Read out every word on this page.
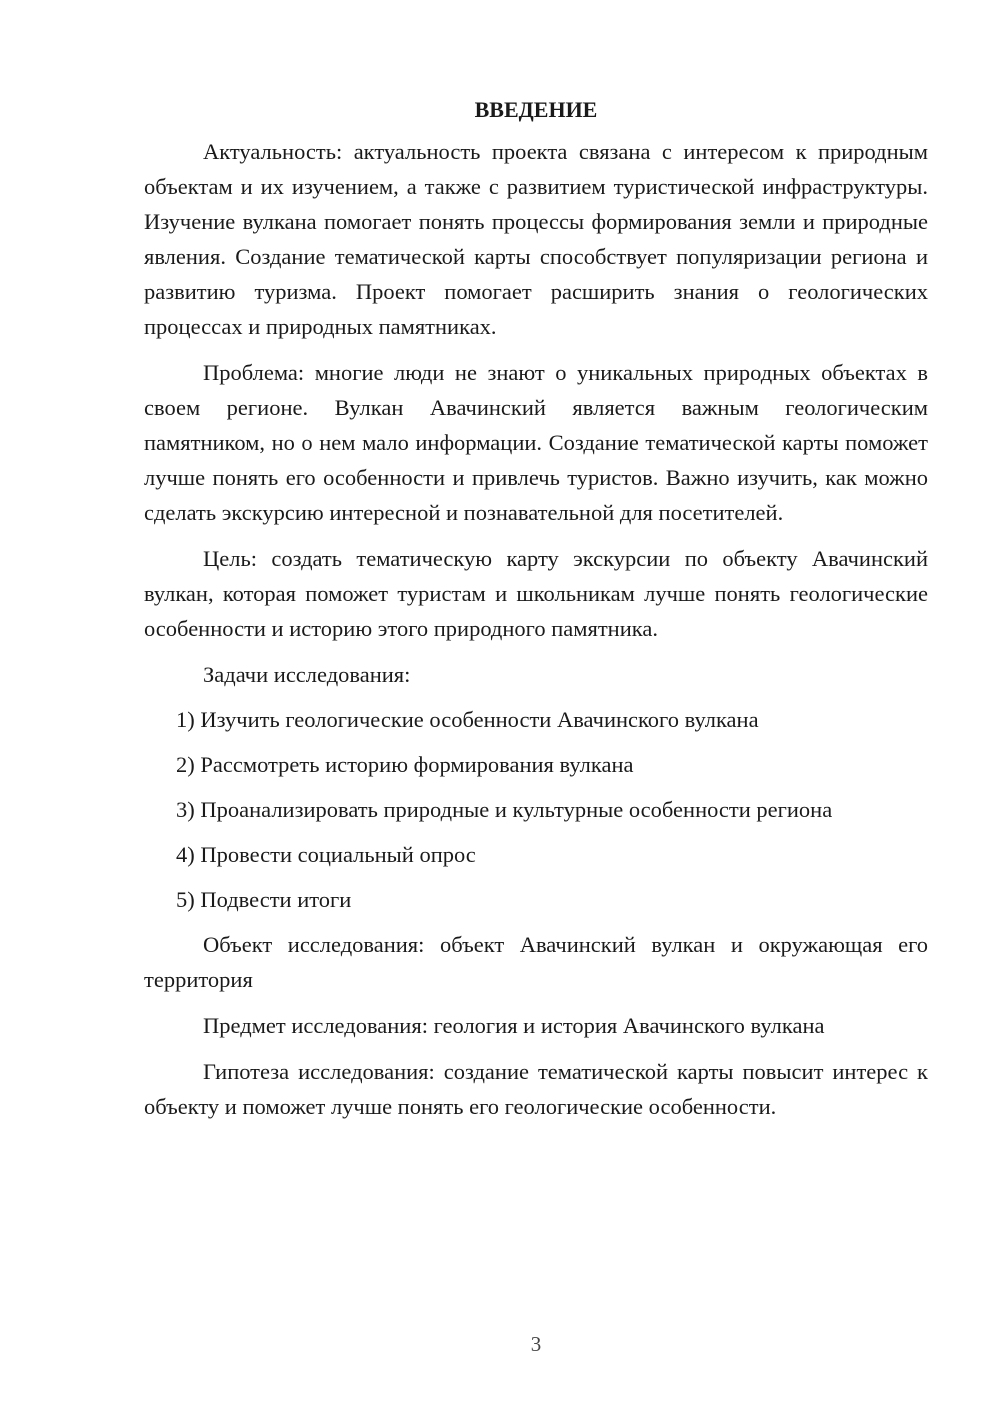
ВВЕДЕНИЕ

Актуальность: актуальность проекта связана с интересом к природным объектам и их изучением, а также с развитием туристической инфраструктуры. Изучение вулкана помогает понять процессы формирования земли и природные явления. Создание тематической карты способствует популяризации региона и развитию туризма. Проект помогает расширить знания о геологических процессах и природных памятниках.

Проблема: многие люди не знают о уникальных природных объектах в своем регионе. Вулкан Авачинский является важным геологическим памятником, но о нем мало информации. Создание тематической карты поможет лучше понять его особенности и привлечь туристов. Важно изучить, как можно сделать экскурсию интересной и познавательной для посетителей.

Цель: создать тематическую карту экскурсии по объекту Авачинский вулкан, которая поможет туристам и школьникам лучше понять геологические особенности и историю этого природного памятника.

Задачи исследования:

1) Изучить геологические особенности Авачинского вулкана
2) Рассмотреть историю формирования вулкана
3) Проанализировать природные и культурные особенности региона
4) Провести социальный опрос
5) Подвести итоги

Объект исследования: объект Авачинский вулкан и окружающая его территория

Предмет исследования: геология и история Авачинского вулкана

Гипотеза исследования: создание тематической карты повысит интерес к объекту и поможет лучше понять его геологические особенности.

3
